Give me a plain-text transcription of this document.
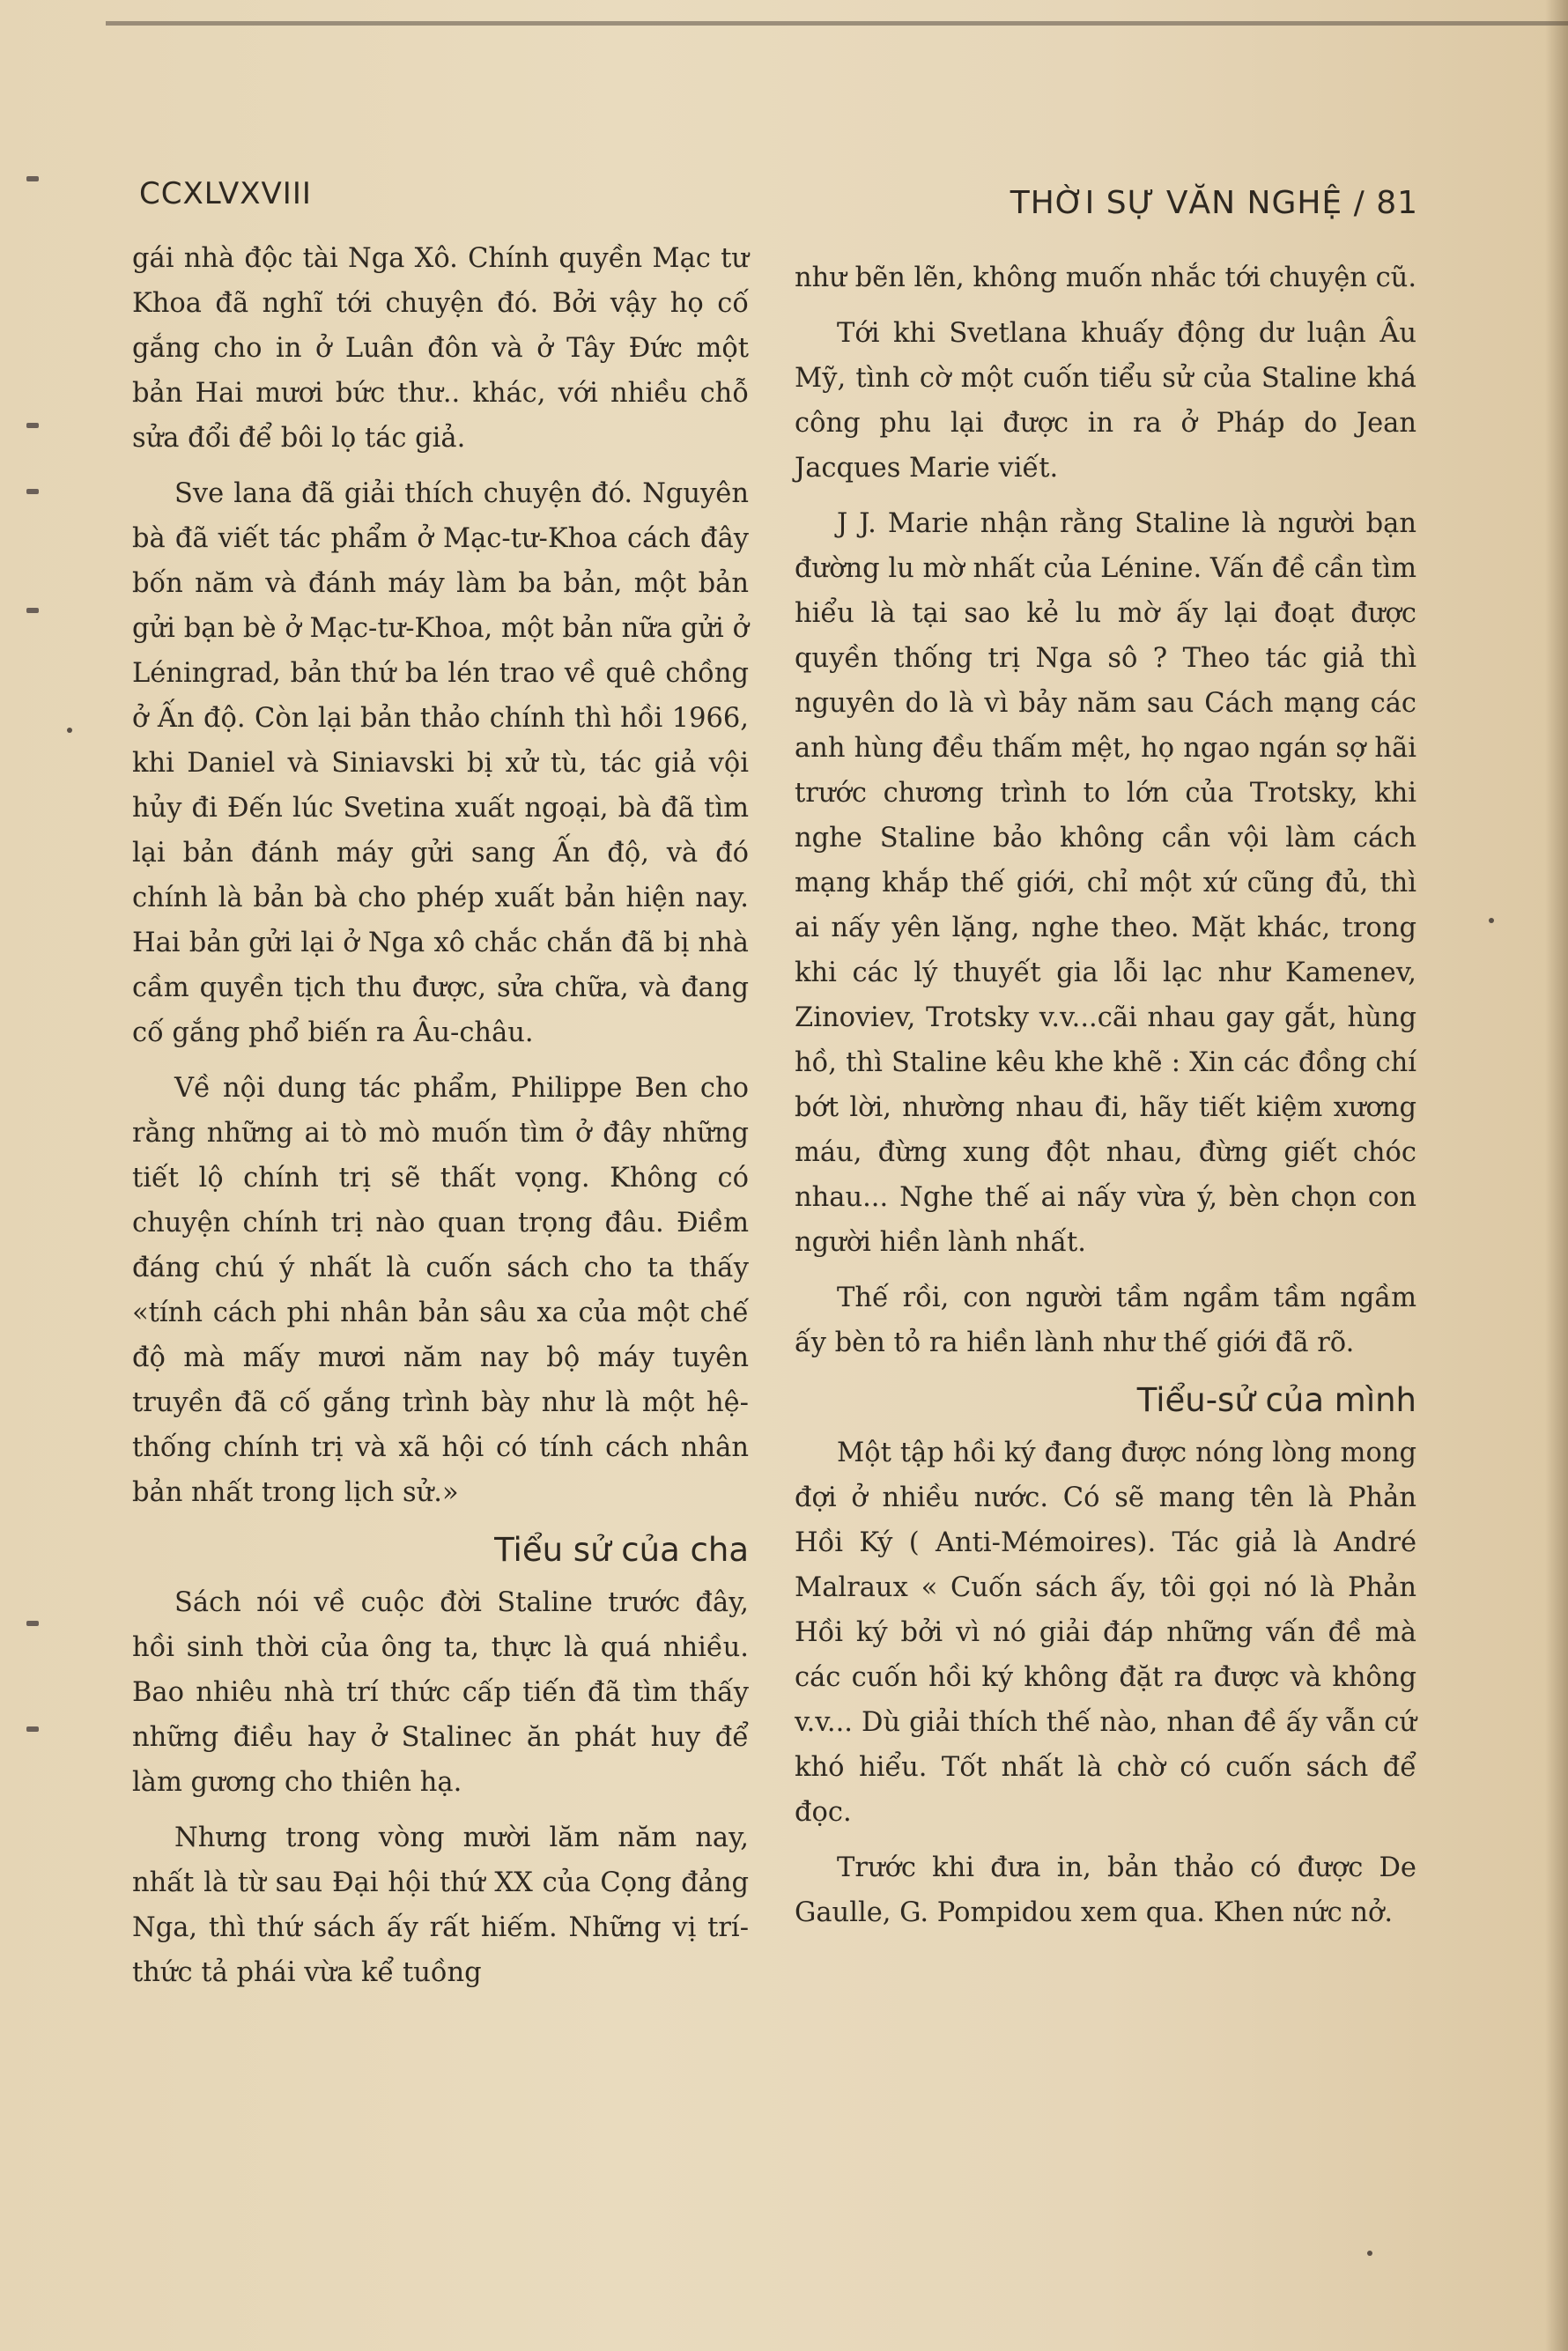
CCXLVXVIII	THỜI SỰ VĂN NGHỆ / 81

gái nhà độc tài Nga Xô. Chính quyền Mạc tư Khoa đã nghĩ tới chuyện đó. Bởi vậy họ cố gắng cho in ở Luân đôn và ở Tây Đức một bản Hai mươi bức thư.. khác, với nhiều chỗ sửa đổi để bôi lọ tác giả.

Sve lana đã giải thích chuyện đó. Nguyên bà đã viết tác phẩm ở Mạc-tư-Khoa cách đây bốn năm và đánh máy làm ba bản, một bản gửi bạn bè ở Mạc-tư-Khoa, một bản nữa gửi ở Léningrad, bản thứ ba lén trao về quê chồng ở Ấn độ. Còn lại bản thảo chính thì hồi 1966, khi Daniel và Siniavski bị xử tù, tác giả vội hủy đi Đến lúc Svetina xuất ngoại, bà đã tìm lại bản đánh máy gửi sang Ấn độ, và đó chính là bản bà cho phép xuất bản hiện nay. Hai bản gửi lại ở Nga xô chắc chắn đã bị nhà cầm quyền tịch thu được, sửa chữa, và đang cố gắng phổ biến ra Âu-châu.

Về nội dung tác phẩm, Philippe Ben cho rằng những ai tò mò muốn tìm ở đây những tiết lộ chính trị sẽ thất vọng. Không có chuyện chính trị nào quan trọng đâu. Điềm đáng chú ý nhất là cuốn sách cho ta thấy «tính cách phi nhân bản sâu xa của một chế độ mà mấy mươi năm nay bộ máy tuyên truyền đã cố gắng trình bày như là một hệ-thống chính trị và xã hội có tính cách nhân bản nhất trong lịch sử.»

Tiểu sử của cha

Sách nói về cuộc đời Staline trước đây, hồi sinh thời của ông ta, thực là quá nhiều. Bao nhiêu nhà trí thức cấp tiến đã tìm thấy những điều hay ở Stalinec ăn phát huy để làm gương cho thiên hạ.

Nhưng trong vòng mười lăm năm nay, nhất là từ sau Đại hội thứ XX của Cọng đảng Nga, thì thứ sách ấy rất hiếm. Những vị trí-thức tả phái vừa kể tuồng

như bẽn lẽn, không muốn nhắc tới chuyện cũ.

Tới khi Svetlana khuấy động dư luận Âu Mỹ, tình cờ một cuốn tiểu sử của Staline khá công phu lại được in ra ở Pháp do Jean Jacques Marie viết.

J J. Marie nhận rằng Staline là người bạn đường lu mờ nhất của Lénine. Vấn đề cần tìm hiểu là tại sao kẻ lu mờ ấy lại đoạt được quyền thống trị Nga sô ? Theo tác giả thì nguyên do là vì bảy năm sau Cách mạng các anh hùng đều thấm mệt, họ ngao ngán sợ hãi trước chương trình to lớn của Trotsky, khi nghe Staline bảo không cần vội làm cách mạng khắp thế giới, chỉ một xứ cũng đủ, thì ai nấy yên lặng, nghe theo. Mặt khác, trong khi các lý thuyết gia lỗi lạc như Kamenev, Zinoviev, Trotsky v.v...cãi nhau gay gắt, hùng hồ, thì Staline kêu khe khẽ : Xin các đồng chí bớt lời, nhường nhau đi, hãy tiết kiệm xương máu, đừng xung đột nhau, đừng giết chóc nhau... Nghe thế ai nấy vừa ý, bèn chọn con người hiền lành nhất.

Thế rồi, con người tầm ngầm tầm ngầm ấy bèn tỏ ra hiền lành như thế giới đã rõ.

Tiểu-sử của mình

Một tập hồi ký đang được nóng lòng mong đợi ở nhiều nước. Có sẽ mang tên là Phản Hồi Ký ( Anti-Mémoires). Tác giả là André Malraux « Cuốn sách ấy, tôi gọi nó là Phản Hồi ký bởi vì nó giải đáp những vấn đề mà các cuốn hồi ký không đặt ra được và không v.v... Dù giải thích thế nào, nhan đề ấy vẫn cứ khó hiểu. Tốt nhất là chờ có cuốn sách để đọc.

Trước khi đưa in, bản thảo có được De Gaulle, G. Pompidou xem qua. Khen nức nở.
